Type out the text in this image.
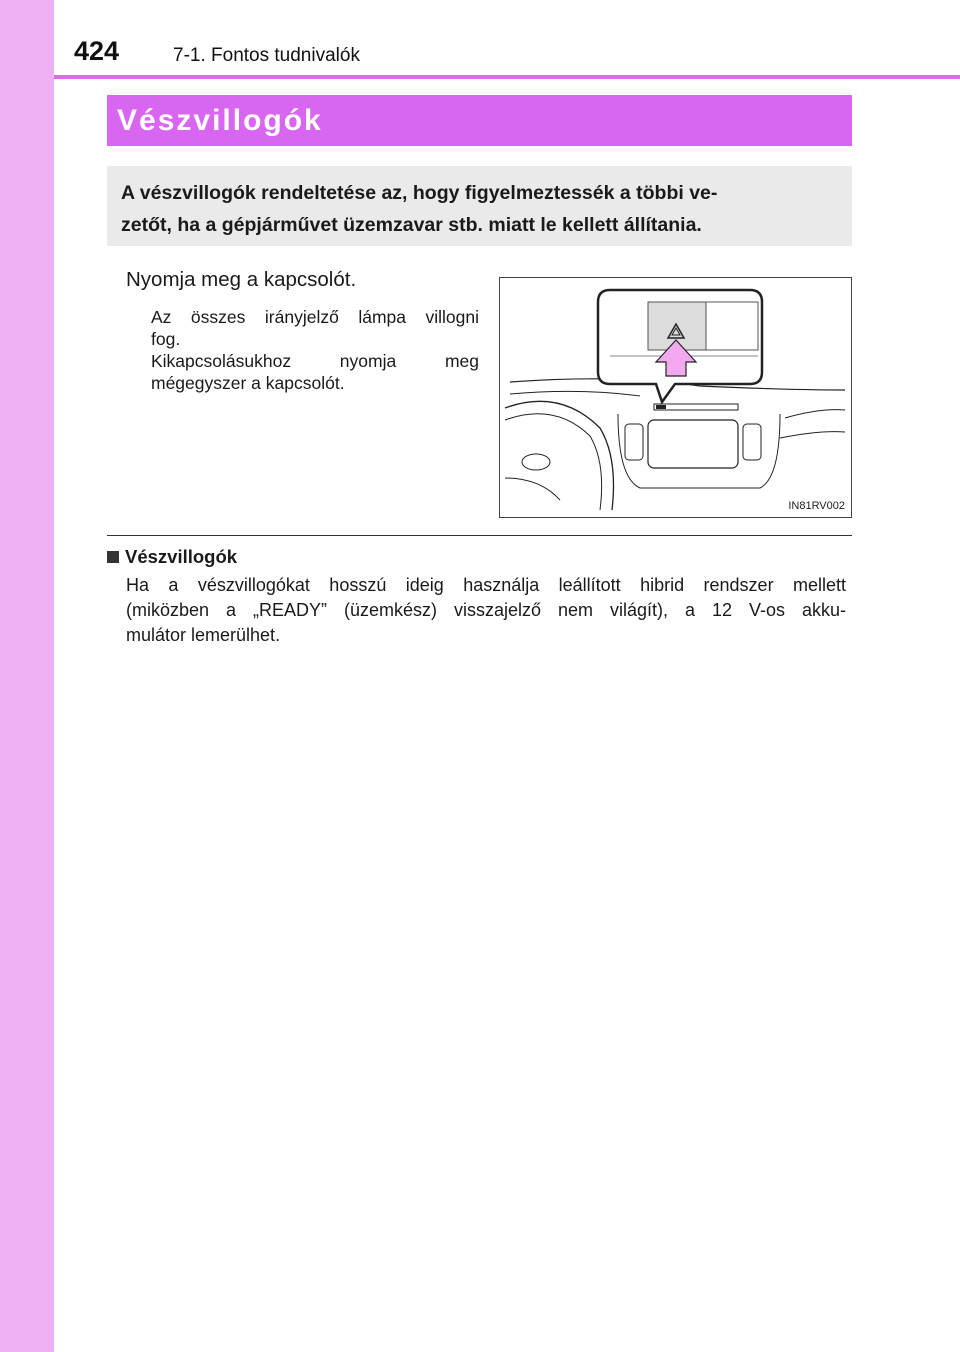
424	7-1. Fontos tudnivalók
Vészvillogók
A vészvillogók rendeltetése az, hogy figyelmeztessék a többi ve-
zetőt, ha a gépjárművet üzemzavar stb. miatt le kellett állítania.
Nyomja meg a kapcsolót.
Az összes irányjelző lámpa villogni
fog.
Kikapcsolásukhoz nyomja meg
mégegyszer a kapcsolót.
IN81RV002
Vészvillogók
Ha a vészvillogókat hosszú ideig használja leállított hibrid rendszer mellett
(miközben a „READY” (üzemkész) visszajelző nem világít), a 12 V-os akku-
mulátor lemerülhet.
